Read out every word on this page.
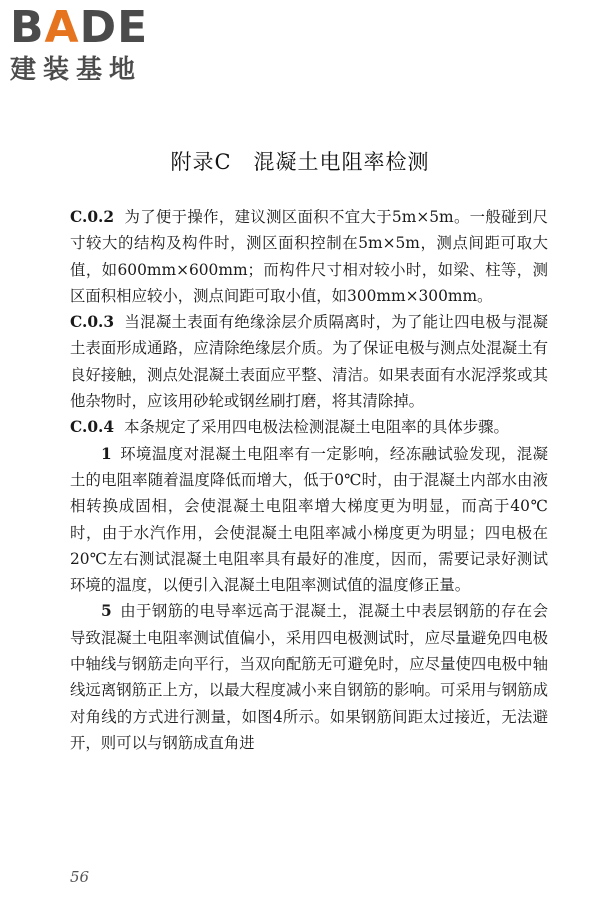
BADE
建装基地
附录C　混凝土电阻率检测

C.0.2 为了便于操作，建议测区面积不宜大于5m×5m。一般碰到尺寸较大的结构及构件时，测区面积控制在5m×5m，测点间距可取大值，如600mm×600mm；而构件尺寸相对较小时，如梁、柱等，测区面积相应较小，测点间距可取小值，如300mm×300mm。

C.0.3 当混凝土表面有绝缘涂层介质隔离时，为了能让四电极与混凝土表面形成通路，应清除绝缘层介质。为了保证电极与测点处混凝土有良好接触，测点处混凝土表面应平整、清洁。如果表面有水泥浮浆或其他杂物时，应该用砂轮或钢丝刷打磨，将其清除掉。

C.0.4 本条规定了采用四电极法检测混凝土电阻率的具体步骤。

1 环境温度对混凝土电阻率有一定影响，经冻融试验发现，混凝土的电阻率随着温度降低而增大，低于0℃时，由于混凝土内部水由液相转换成固相，会使混凝土电阻率增大梯度更为明显，而高于40℃时，由于水汽作用，会使混凝土电阻率减小梯度更为明显；四电极在20℃左右测试混凝土电阻率具有最好的准度，因而，需要记录好测试环境的温度，以便引入混凝土电阻率测试值的温度修正量。

5 由于钢筋的电导率远高于混凝土，混凝土中表层钢筋的存在会导致混凝土电阻率测试值偏小，采用四电极测试时，应尽量避免四电极中轴线与钢筋走向平行，当双向配筋无可避免时，应尽量使四电极中轴线远离钢筋正上方，以最大程度减小来自钢筋的影响。可采用与钢筋成对角线的方式进行测量，如图4所示。如果钢筋间距太过接近，无法避开，则可以与钢筋成直角进

56
